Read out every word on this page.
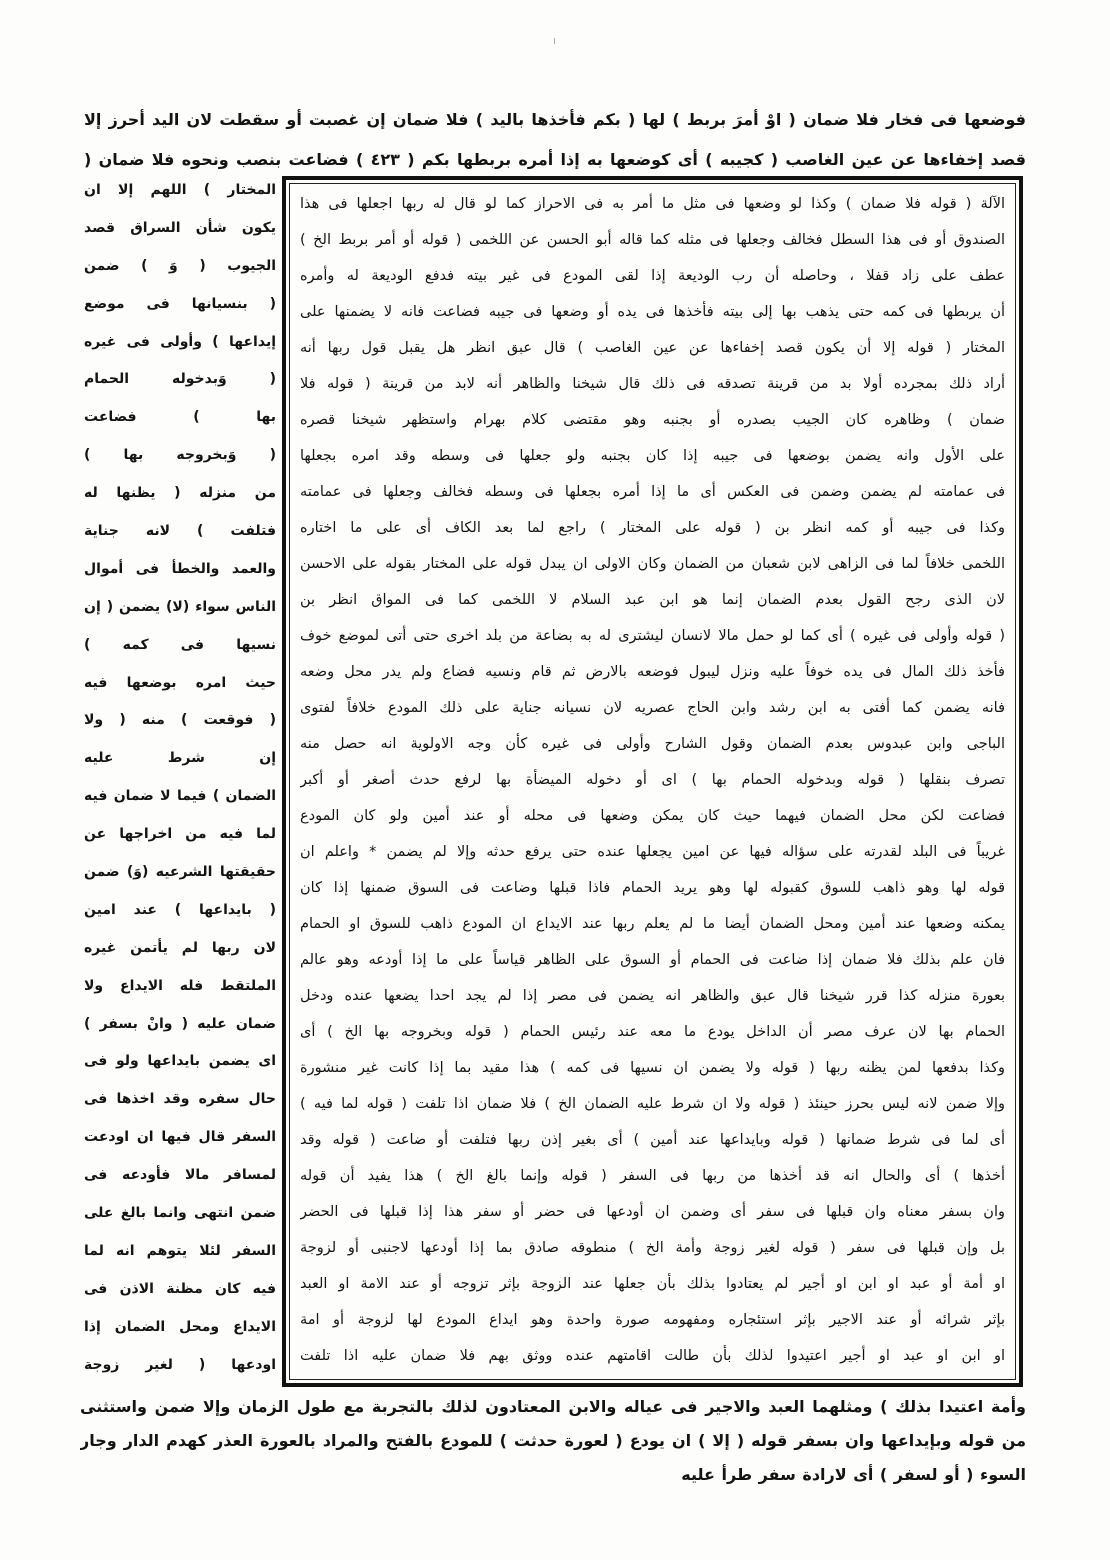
فوضعها فى فخار فلا ضمان ( اوْ أمرَ بربط ) لها ( بكم فأخذها باليد ) فلا ضمان إن غصبت أو سقطت لان اليد أحرز إلا
قصد إخفاءها عن عين الغاصب ( كجيبه ) أى كوضعها به إذا أمره بربطها بكم ( ٤٢٣ ) فضاعت بنصب ونحوه فلا ضمان (
المختار ) اللهم إلا ان
يكون شأن السراق قصد
الجيوب ( وَ ) ضمن
( بنسيانها فى موضع
إيداعها ) وأولى فى غيره
( وَبدخوله الحمام
بها ) فضاعت
( وَبخروجه بها )
من منزله ( يظنها له
فتلفت ) لانه جناية
والعمد والخطأ فى أموال
الناس سواء (لا) يضمن ( إن
نسيها فى كمه )
حيث امره بوضعها فيه
( فوقعت ) منه ( ولا
إن شرط عليه
الضمان ) فيما لا ضمان فيه
لما فيه من اخراجها عن
حقيقتها الشرعيه (وَ) ضمن
( بايداعها ) عند امين
لان ربها لم يأتمن غيره
الملتقط فله الايداع ولا
ضمان عليه ( وانْ بسفر )
اى يضمن بايداعها ولو فى
حال سفره وقد اخذها فى
السفر قال فيها ان اودعت
لمسافر مالا فأودعه فى
ضمن انتهى وانما بالغ على
السفر لئلا يتوهم انه لما
فيه كان مظنة الاذن فى
الايداع ومحل الضمان إذا
اودعها ( لغير زوجة
الآلة ( قوله فلا ضمان ) وكذا لو وضعها فى مثل ما أمر به فى الاحراز كما لو قال له ربها اجعلها فى هذا
الصندوق أو فى هذا السطل فخالف وجعلها فى مثله كما قاله أبو الحسن عن اللخمى ( قوله أو أمر بربط الخ )
عطف على زاد قفلا ، وحاصله أن رب الوديعة إذا لقى المودع فى غير بيته فدفع الوديعة له وأمره
أن يربطها فى كمه حتى يذهب بها إلى بيته فأخذها فى يده أو وضعها فى جيبه فضاعت فانه لا يضمنها على
المختار ( قوله إلا أن يكون قصد إخفاءها عن عين الغاصب ) قال عبق انظر هل يقبل قول ربها أنه
أراد ذلك بمجرده أولا بد من قرينة تصدقه فى ذلك قال شيخنا والظاهر أنه لابد من قرينة ( قوله فلا
ضمان ) وظاهره كان الجيب بصدره أو بجنبه وهو مقتضى كلام بهرام واستظهر شيخنا قصره
على الأول وانه يضمن بوضعها فى جيبه إذا كان بجنبه ولو جعلها فى وسطه وقد امره بجعلها
فى عمامته لم يضمن وضمن فى العكس أى ما إذا أمره بجعلها فى وسطه فخالف وجعلها فى عمامته
وكذا فى جيبه أو كمه انظر بن ( قوله على المختار ) راجع لما بعد الكاف أى على ما اختاره
اللخمى خلافاً لما فى الزاهى لابن شعبان من الضمان وكان الاولى ان يبدل قوله على المختار بقوله على الاحسن
لان الذى رجح القول بعدم الضمان إنما هو ابن عبد السلام لا اللخمى كما فى المواق انظر بن
( قوله وأولى فى غيره ) أى كما لو حمل مالا لانسان ليشترى له به بضاعة من بلد اخرى حتى أتى لموضع خوف
فأخذ ذلك المال فى يده خوفاً عليه ونزل ليبول فوضعه بالارض ثم قام ونسيه فضاع ولم يدر محل وضعه
فانه يضمن كما أفتى به ابن رشد وابن الحاج عصريه لان نسيانه جناية على ذلك المودع خلافاً لفتوى
الباجى وابن عبدوس بعدم الضمان وقول الشارح وأولى فى غيره كأن وجه الاولوية انه حصل منه
تصرف بنقلها ( قوله وبدخوله الحمام بها ) اى أو دخوله الميضأة بها لرفع حدث أصغر أو أكبر
فضاعت لكن محل الضمان فيهما حيث كان يمكن وضعها فى محله أو عند أمين ولو كان المودع
غريباً فى البلد لقدرته على سؤاله فيها عن امين يجعلها عنده حتى يرفع حدثه وإلا لم يضمن * واعلم ان
قوله لها وهو ذاهب للسوق كقبوله لها وهو يريد الحمام فاذا قبلها وضاعت فى السوق ضمنها إذا كان
يمكنه وضعها عند أمين ومحل الضمان أيضا ما لم يعلم ربها عند الايداع ان المودع ذاهب للسوق او الحمام
فان علم بذلك فلا ضمان إذا ضاعت فى الحمام أو السوق على الظاهر قياساً على ما إذا أودعه وهو عالم
بعورة منزله كذا قرر شيخنا قال عبق والظاهر انه يضمن فى مصر إذا لم يجد احدا يضعها عنده ودخل
الحمام بها لان عرف مصر أن الداخل يودع ما معه عند رئيس الحمام ( قوله وبخروجه بها الخ ) أى
وكذا بدفعها لمن يظنه ربها ( قوله ولا يضمن ان نسيها فى كمه ) هذا مقيد بما إذا كانت غير منشورة
وإلا ضمن لانه ليس بحرز حينئذ ( قوله ولا ان شرط عليه الضمان الخ ) فلا ضمان اذا تلفت ( قوله لما فيه )
أى لما فى شرط ضمانها ( قوله وبايداعها عند أمين ) أى بغير إذن ربها فتلفت أو ضاعت ( قوله وقد
أخذها ) أى والحال انه قد أخذها من ربها فى السفر ( قوله وإنما بالغ الخ ) هذا يفيد أن قوله
وان بسفر معناه وان قبلها فى سفر أى وضمن ان أودعها فى حضر أو سفر هذا إذا قبلها فى الحضر
بل وإن قبلها فى سفر ( قوله لغير زوجة وأمة الخ ) منطوقه صادق بما إذا أودعها لاجنبى أو لزوجة
او أمة أو عبد او ابن او أجير لم يعتادوا بذلك بأن جعلها عند الزوجة بإثر تزوجه أو عند الامة او العبد
بإثر شرائه أو عند الاجير بإثر استئجاره ومفهومه صورة واحدة وهو ايداع المودع لها لزوجة أو امة
او ابن او عبد او أجير اعتيدوا لذلك بأن طالت اقامتهم عنده ووثق بهم فلا ضمان عليه اذا تلفت
وأمة اعتيدا بذلك ) ومثلهما العبد والاجير فى عياله والابن المعتادون لذلك بالتجربة مع طول الزمان وإلا ضمن واستثنى
من قوله وبإيداعها وان بسفر قوله ( إلا ) ان يودع ( لعورة حدثت ) للمودع بالفتح والمراد بالعورة العذر كهدم الدار وجار
السوء ( أو لسفر ) أى لارادة سفر طرأ عليه
